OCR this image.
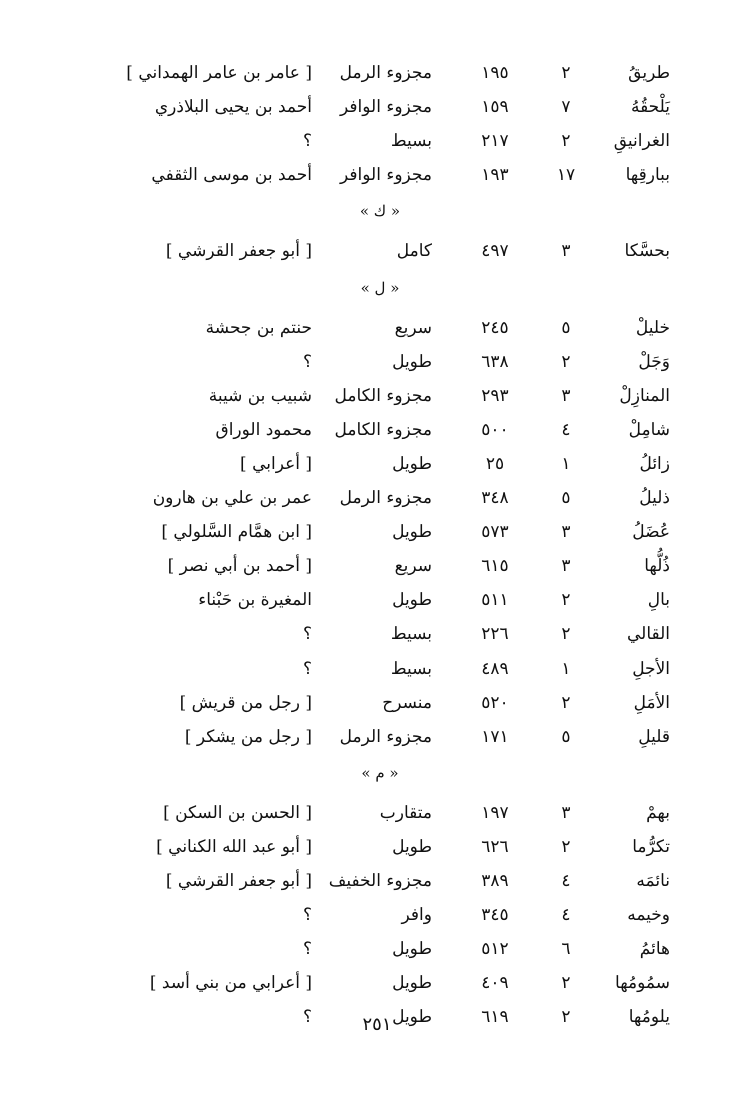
طريقُ
٢
١٩٥
مجزوء الرمل
[ عامر بن عامر الهمداني ]
يَلْحقُهُ
٧
١٥٩
مجزوء الوافر
أحمد بن يحيى البلاذري
الغرانيقِ
٢
٢١٧
بسيط
؟
ببارقِها
١٧
١٩٣
مجزوء الوافر
أحمد بن موسى الثقفي
« ك »
بحسَّكا
٣
٤٩٧
كامل
[ أبو جعفر القرشي ]
« ل »
خليلْ
٥
٢٤٥
سريع
حنتم بن جحشة
وَجَلْ
٢
٦٣٨
طويل
؟
المنازِلْ
٣
٢٩٣
مجزوء الكامل
شبيب بن شيبة
شامِلْ
٤
٥٠٠
مجزوء الكامل
محمود الوراق
زائلُ
١
٢٥
طويل
[ أعرابي ]
ذليلُ
٥
٣٤٨
مجزوء الرمل
عمر بن علي بن هارون
عُضَلُ
٣
٥٧٣
طويل
[ ابن همَّام السَّلولي ]
ذُلُّها
٣
٦١٥
سريع
[ أحمد بن أبي نصر ]
بالِ
٢
٥١١
طويل
المغيرة بن حَبْناء
القالي
٢
٢٢٦
بسيط
؟
الأجلِ
١
٤٨٩
بسيط
؟
الأمَلِ
٢
٥٢٠
منسرح
[ رجل من قريش ]
قليلِ
٥
١٧١
مجزوء الرمل
[ رجل من يشكر ]
« م »
بهمْ
٣
١٩٧
متقارب
[ الحسن بن السكن ]
تكرُّما
٢
٦٢٦
طويل
[ أبو عبد الله الكناني ]
نائمَه
٤
٣٨٩
مجزوء الخفيف
[ أبو جعفر القرشي ]
وخيمه
٤
٣٤٥
وافر
؟
هائمُ
٦
٥١٢
طويل
؟
سمُومُها
٢
٤٠٩
طويل
[ أعرابي من بني أسد ]
يلومُها
٢
٦١٩
طويل
؟	٢٥١
